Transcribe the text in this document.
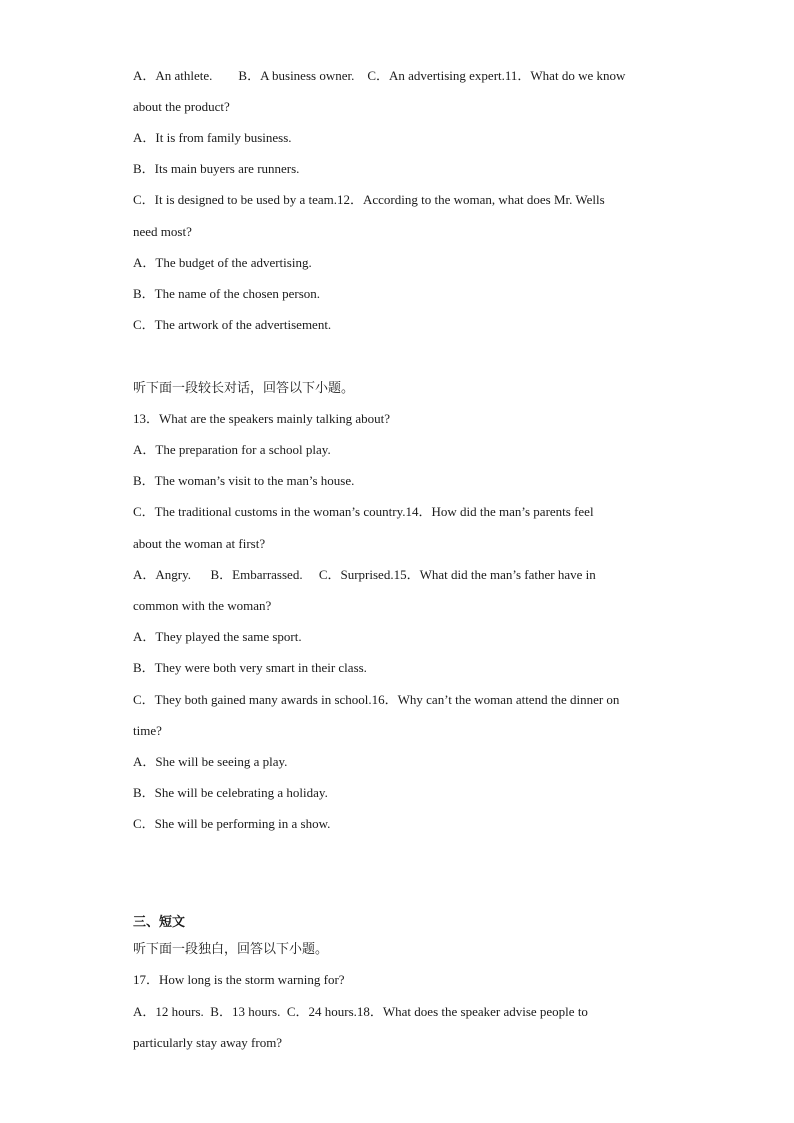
A．An athlete.        B．A business owner.    C．An advertising expert.11．What do we know
about the product?
A．It is from family business.
B．Its main buyers are runners.
C．It is designed to be used by a team.12．According to the woman, what does Mr. Wells
need most?
A．The budget of the advertising.
B．The name of the chosen person.
C．The artwork of the advertisement.
听下面一段较长对话，回答以下小题。
13．What are the speakers mainly talking about?
A．The preparation for a school play.
B．The woman’s visit to the man’s house.
C．The traditional customs in the woman’s country.14．How did the man’s parents feel
about the woman at first?
A．Angry.      B．Embarrassed.     C．Surprised.15．What did the man’s father have in
common with the woman?
A．They played the same sport.
B．They were both very smart in their class.
C．They both gained many awards in school.16．Why can’t the woman attend the dinner on
time?
A．She will be seeing a play.
B．She will be celebrating a holiday.
C．She will be performing in a show.
三、短文
听下面一段独白，回答以下小题。
17．How long is the storm warning for?
A．12 hours.  B．13 hours.  C．24 hours.18．What does the speaker advise people to
particularly stay away from?
